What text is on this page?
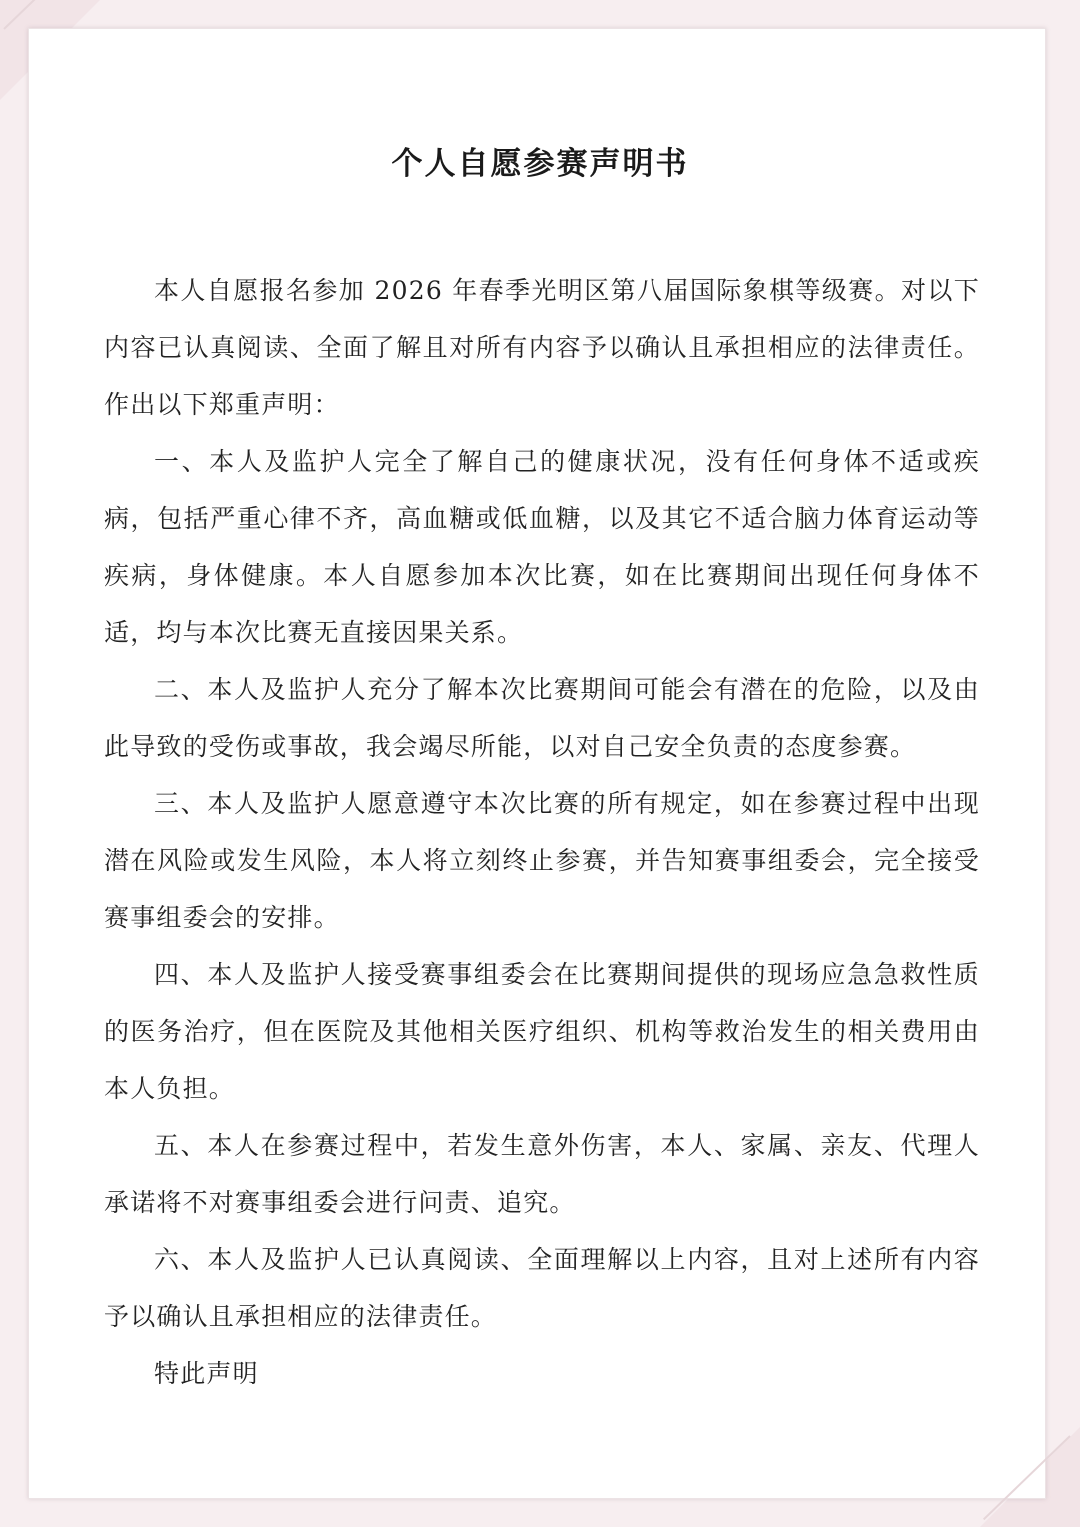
个人自愿参赛声明书

本人自愿报名参加 2026 年春季光明区第八届国际象棋等级赛。对以下内容已认真阅读、全面了解且对所有内容予以确认且承担相应的法律责任。作出以下郑重声明：

一、本人及监护人完全了解自己的健康状况，没有任何身体不适或疾病，包括严重心律不齐，高血糖或低血糖，以及其它不适合脑力体育运动等疾病，身体健康。本人自愿参加本次比赛，如在比赛期间出现任何身体不适，均与本次比赛无直接因果关系。

二、本人及监护人充分了解本次比赛期间可能会有潜在的危险，以及由此导致的受伤或事故，我会竭尽所能，以对自己安全负责的态度参赛。

三、本人及监护人愿意遵守本次比赛的所有规定，如在参赛过程中出现潜在风险或发生风险，本人将立刻终止参赛，并告知赛事组委会，完全接受赛事组委会的安排。

四、本人及监护人接受赛事组委会在比赛期间提供的现场应急急救性质的医务治疗，但在医院及其他相关医疗组织、机构等救治发生的相关费用由本人负担。

五、本人在参赛过程中，若发生意外伤害，本人、家属、亲友、代理人承诺将不对赛事组委会进行问责、追究。

六、本人及监护人已认真阅读、全面理解以上内容，且对上述所有内容予以确认且承担相应的法律责任。

特此声明
